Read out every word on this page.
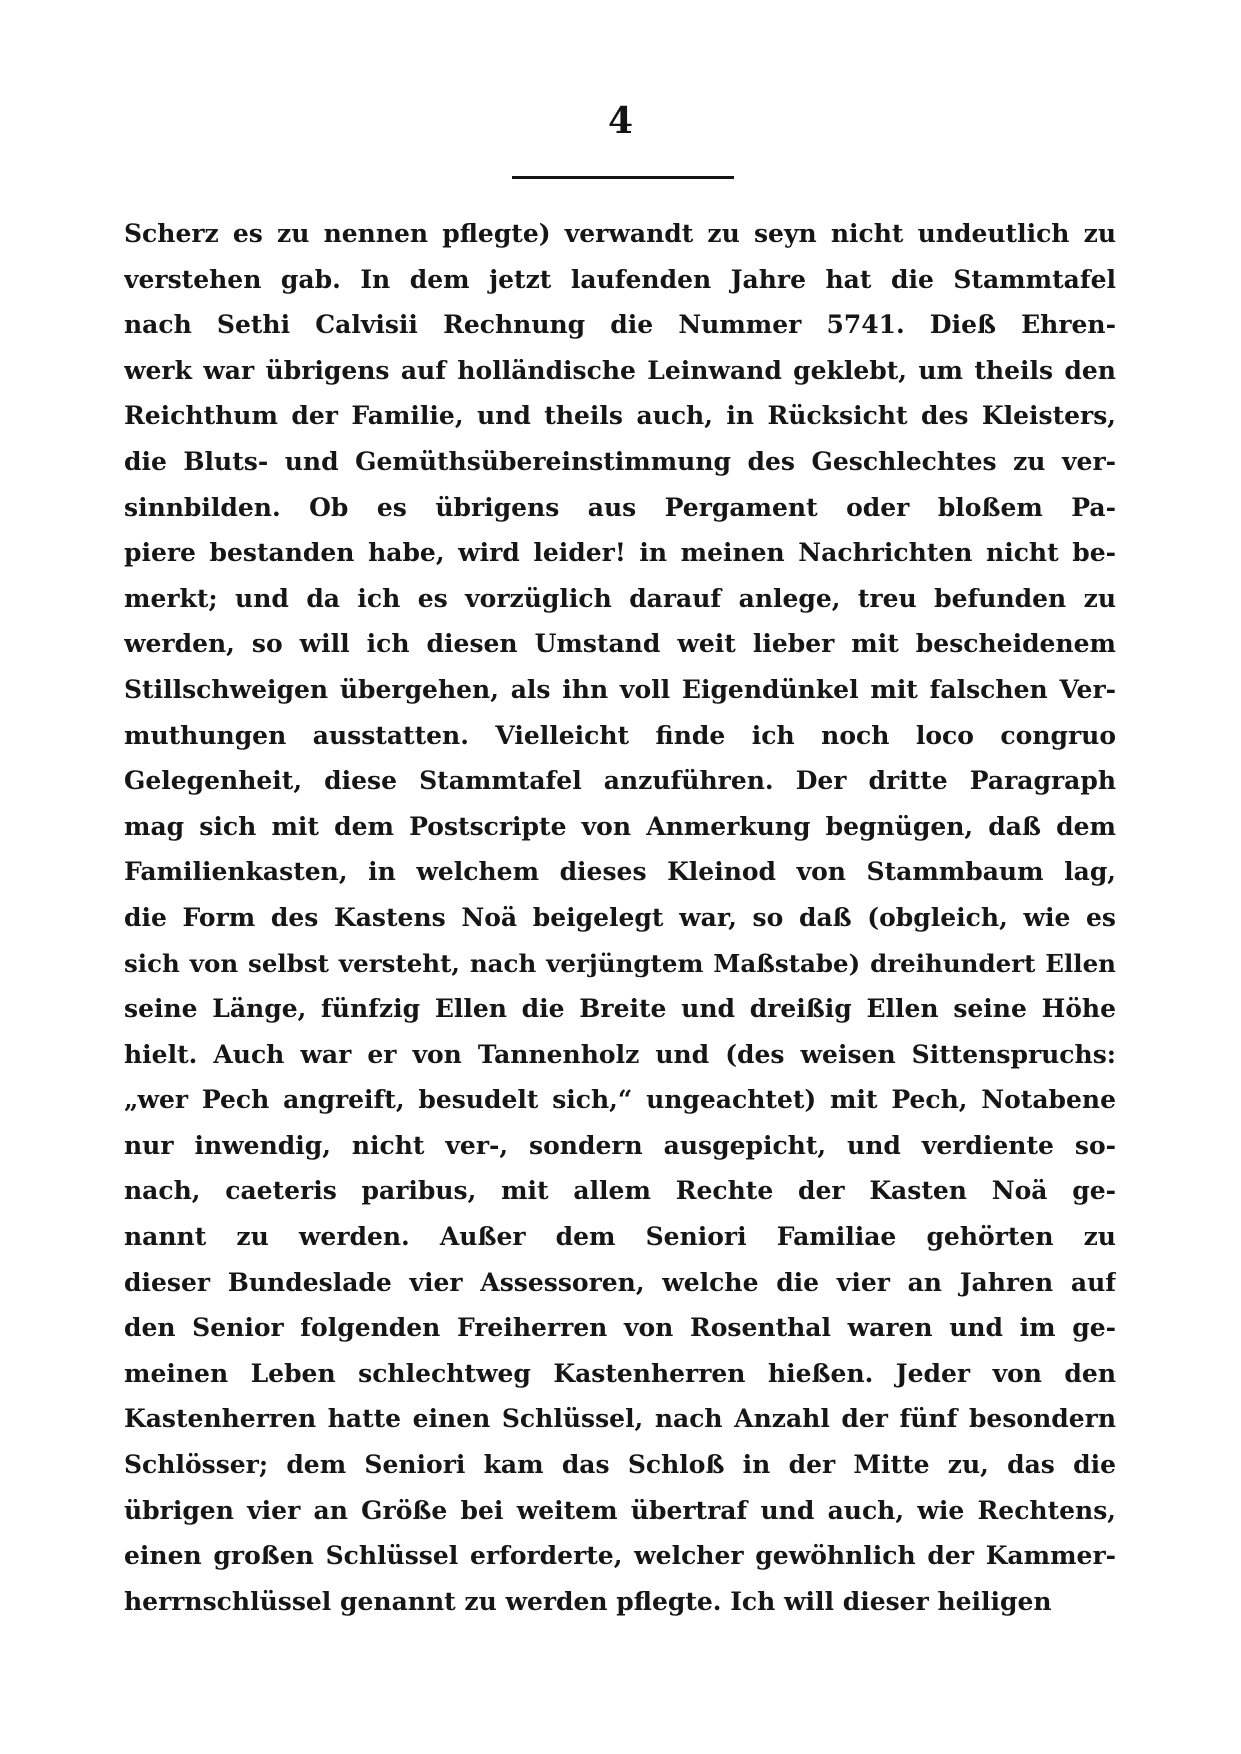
4
Scherz es zu nennen pflegte) verwandt zu seyn nicht undeutlich zu
verstehen gab. In dem jetzt laufenden Jahre hat die Stammtafel
nach Sethi Calvisii Rechnung die Nummer 5741. Dieß Ehren-
werk war übrigens auf holländische Leinwand geklebt, um theils den
Reichthum der Familie, und theils auch, in Rücksicht des Kleisters,
die Bluts- und Gemüthsübereinstimmung des Geschlechtes zu ver-
sinnbilden. Ob es übrigens aus Pergament oder bloßem Pa-
piere bestanden habe, wird leider! in meinen Nachrichten nicht be-
merkt; und da ich es vorzüglich darauf anlege, treu befunden zu
werden, so will ich diesen Umstand weit lieber mit bescheidenem
Stillschweigen übergehen, als ihn voll Eigendünkel mit falschen Ver-
muthungen ausstatten. Vielleicht finde ich noch loco congruo
Gelegenheit, diese Stammtafel anzuführen. Der dritte Paragraph
mag sich mit dem Postscripte von Anmerkung begnügen, daß dem
Familienkasten, in welchem dieses Kleinod von Stammbaum lag,
die Form des Kastens Noä beigelegt war, so daß (obgleich, wie es
sich von selbst versteht, nach verjüngtem Maßstabe) dreihundert Ellen
seine Länge, fünfzig Ellen die Breite und dreißig Ellen seine Höhe
hielt. Auch war er von Tannenholz und (des weisen Sittenspruchs:
„wer Pech angreift, besudelt sich,“ ungeachtet) mit Pech, Notabene
nur inwendig, nicht ver-, sondern ausgepicht, und verdiente so-
nach, caeteris paribus, mit allem Rechte der Kasten Noä ge-
nannt zu werden. Außer dem Seniori Familiae gehörten zu
dieser Bundeslade vier Assessoren, welche die vier an Jahren auf
den Senior folgenden Freiherren von Rosenthal waren und im ge-
meinen Leben schlechtweg Kastenherren hießen. Jeder von den
Kastenherren hatte einen Schlüssel, nach Anzahl der fünf besondern
Schlösser; dem Seniori kam das Schloß in der Mitte zu, das die
übrigen vier an Größe bei weitem übertraf und auch, wie Rechtens,
einen großen Schlüssel erforderte, welcher gewöhnlich der Kammer-
herrnschlüssel genannt zu werden pflegte. Ich will dieser heiligen
